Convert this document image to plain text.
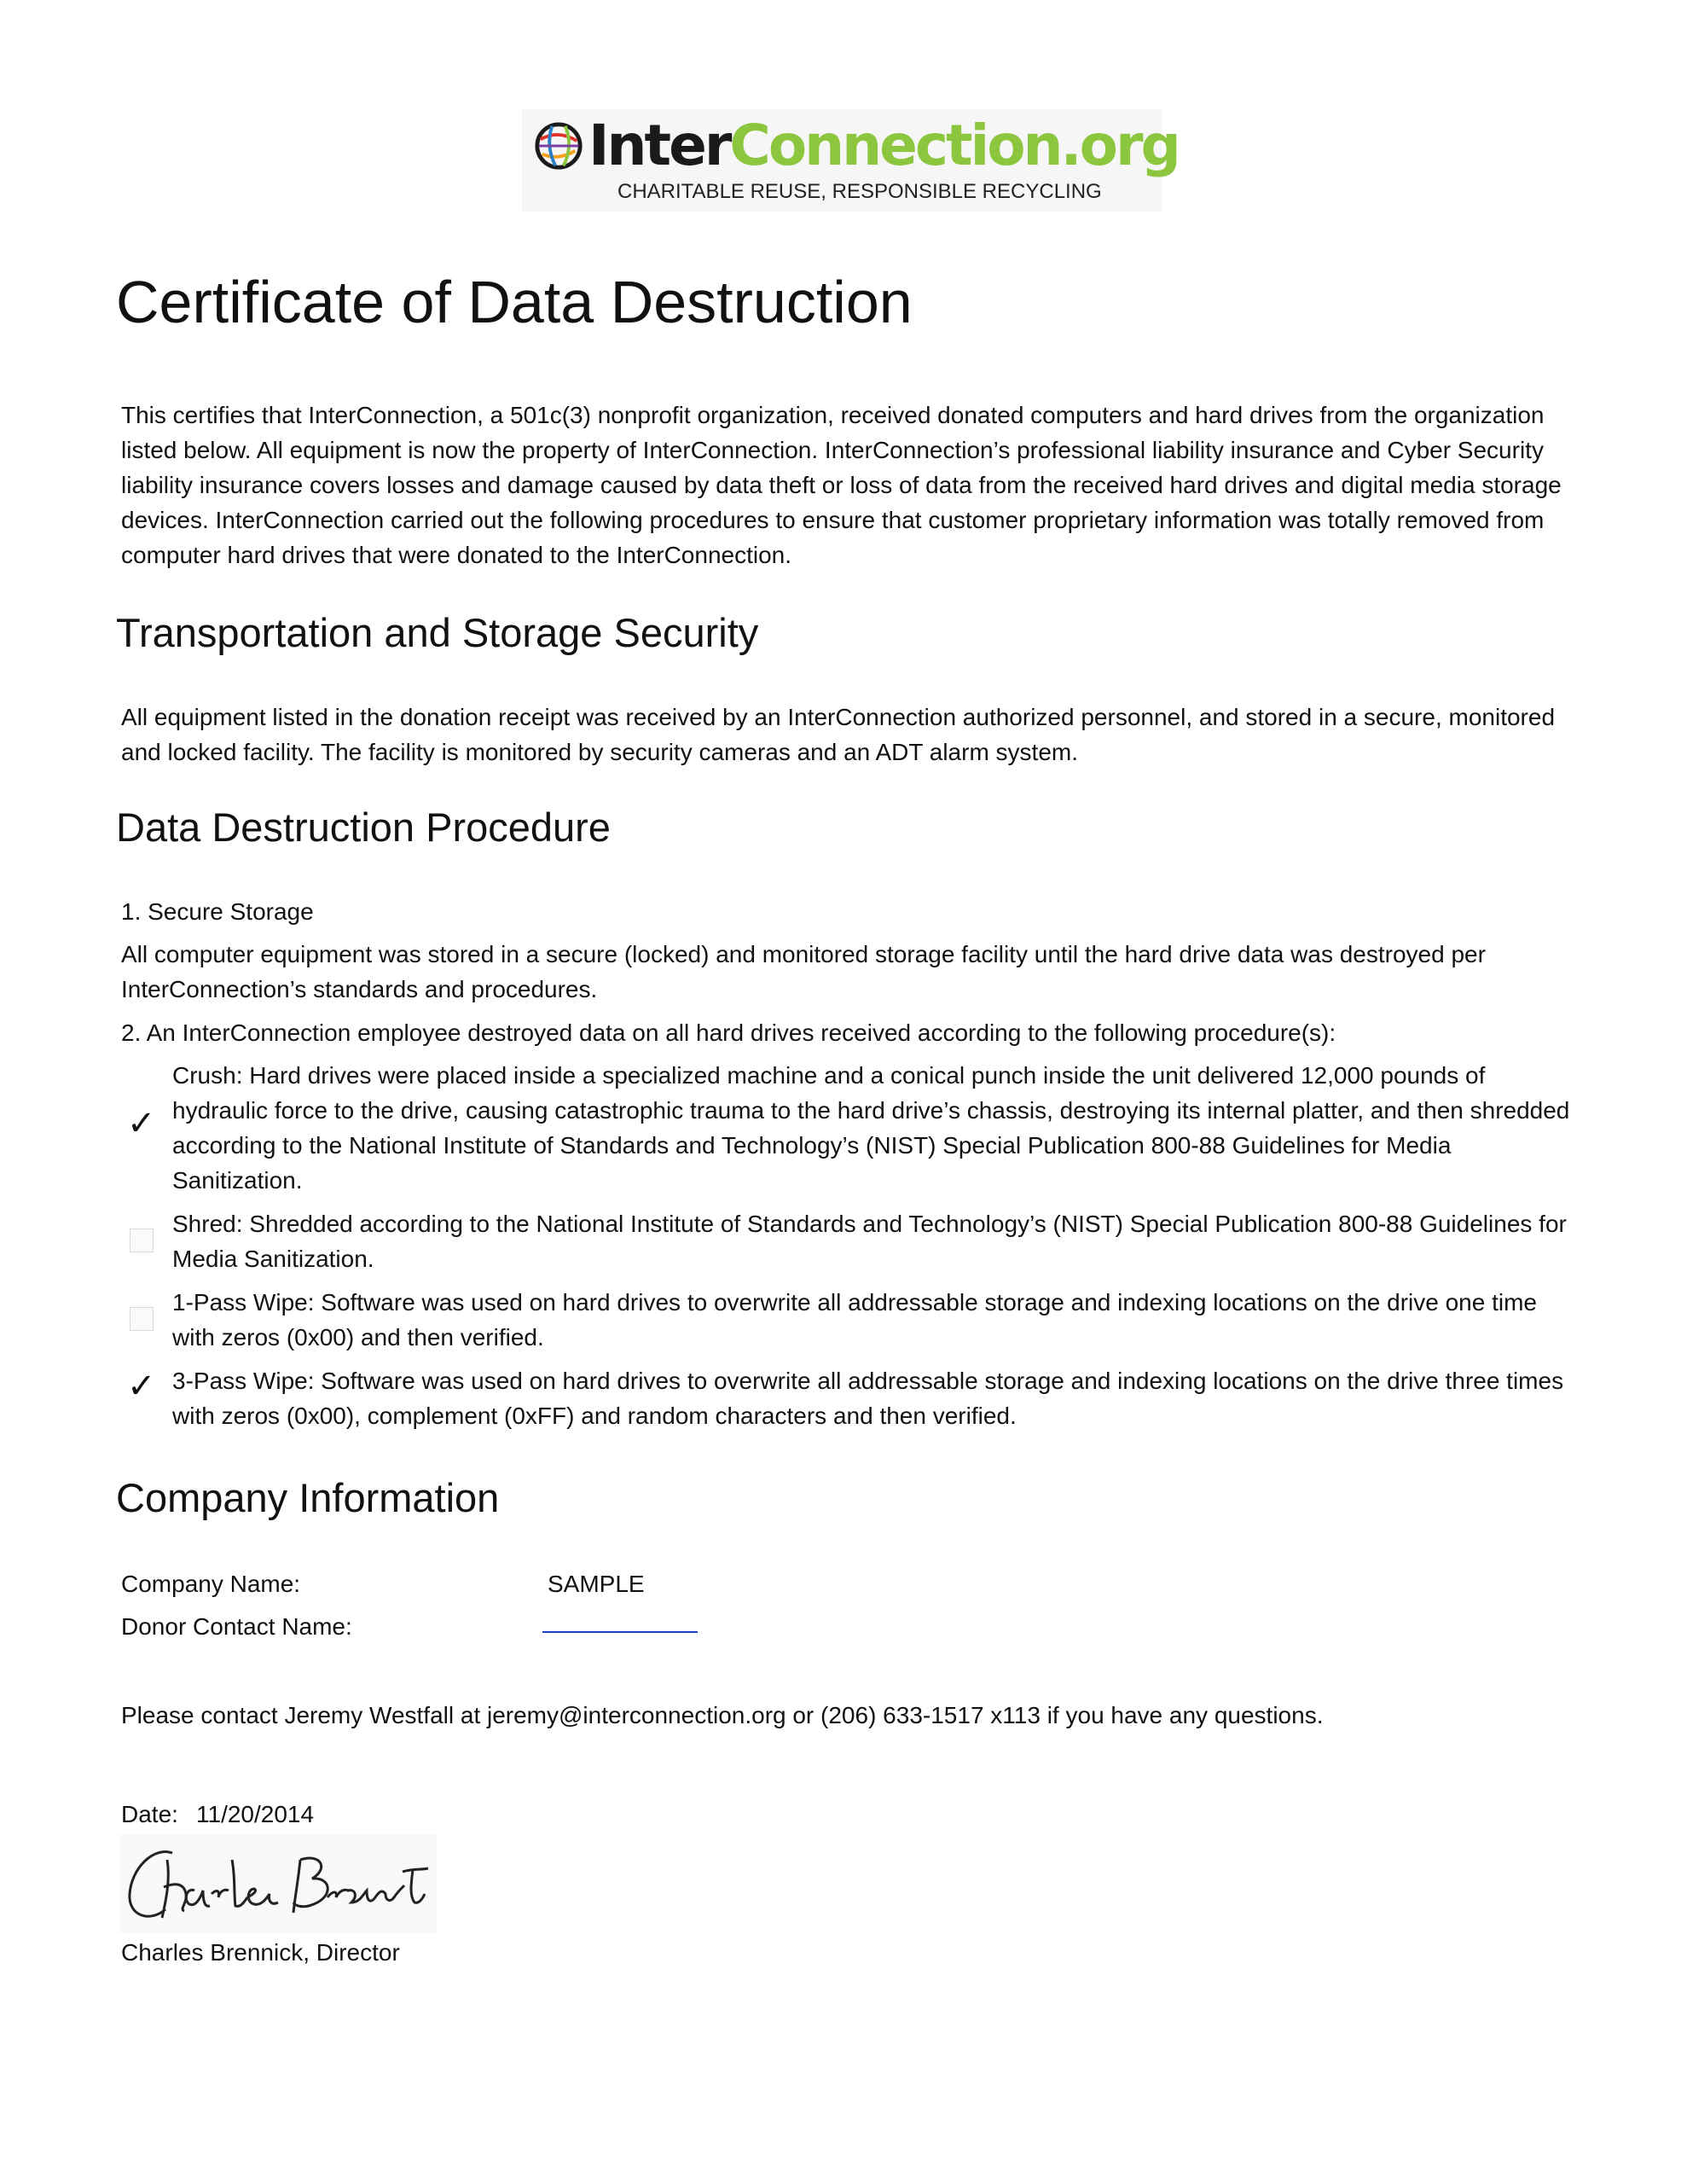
InterConnection.org
CHARITABLE REUSE, RESPONSIBLE RECYCLING
Certificate of Data Destruction
This certifies that InterConnection, a 501c(3) nonprofit organization, received donated computers and hard drives from the organization listed below. All equipment is now the property of InterConnection. InterConnection’s professional liability insurance and Cyber Security liability insurance covers losses and damage caused by data theft or loss of data from the received hard drives and digital media storage devices. InterConnection carried out the following procedures to ensure that customer proprietary information was totally removed from computer hard drives that were donated to the InterConnection.
Transportation and Storage Security
All equipment listed in the donation receipt was received by an InterConnection authorized personnel, and stored in a secure, monitored and locked facility. The facility is monitored by security cameras and an ADT alarm system.
Data Destruction Procedure
1. Secure Storage
All computer equipment was stored in a secure (locked) and monitored storage facility until the hard drive data was destroyed per InterConnection’s standards and procedures.
2. An InterConnection employee destroyed data on all hard drives received according to the following procedure(s):
✓
Crush: Hard drives were placed inside a specialized machine and a conical punch inside the unit delivered 12,000 pounds of hydraulic force to the drive, causing catastrophic trauma to the hard drive’s chassis, destroying its internal platter, and then shredded according to the National Institute of Standards and Technology’s (NIST) Special Publication 800-88 Guidelines for Media Sanitization.
Shred: Shredded according to the National Institute of Standards and Technology’s (NIST) Special Publication 800-88 Guidelines for Media Sanitization.
1-Pass Wipe: Software was used on hard drives to overwrite all addressable storage and indexing locations on the drive one time with zeros (0x00) and then verified.
✓ 3-Pass Wipe: Software was used on hard drives to overwrite all addressable storage and indexing locations on the drive three times with zeros (0x00), complement (0xFF) and random characters and then verified.
Company Information
Company Name:	SAMPLE
Donor Contact Name:
Please contact Jeremy Westfall at jeremy@interconnection.org or (206) 633-1517 x113 if you have any questions.
Date: 11/20/2014
Charles Brennick, Director
